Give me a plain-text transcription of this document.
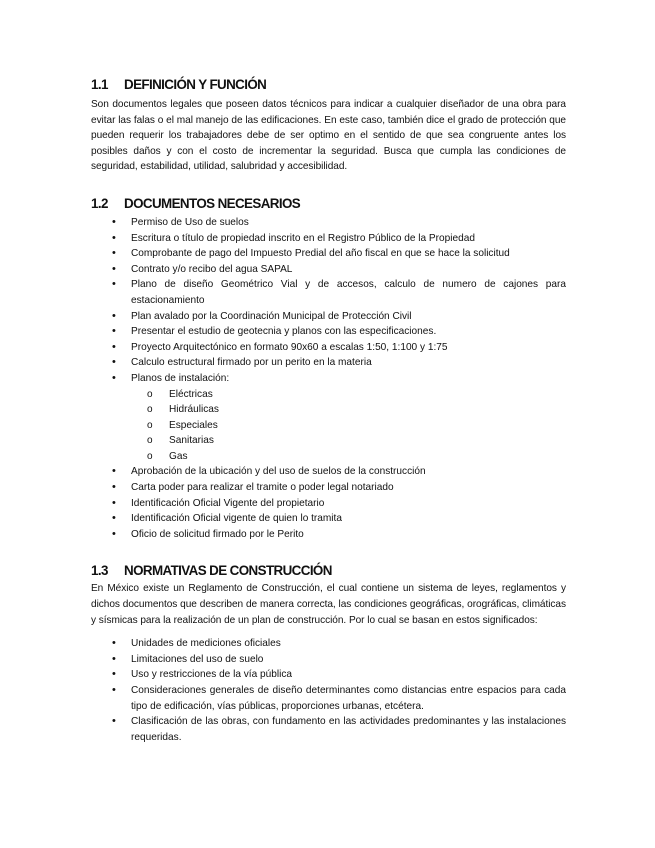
1.1 DEFINICIÓN Y FUNCIÓN

Son documentos legales que poseen datos técnicos para indicar a cualquier diseñador de una obra para evitar las falas o el mal manejo de las edificaciones. En este caso, también dice el grado de protección que pueden requerir los trabajadores debe de ser optimo en el sentido de que sea congruente antes los posibles daños y con el costo de incrementar la seguridad. Busca que cumpla las condiciones de seguridad, estabilidad, utilidad, salubridad y accesibilidad.

1.2 DOCUMENTOS NECESARIOS
• Permiso de Uso de suelos
• Escritura o título de propiedad inscrito en el Registro Público de la Propiedad
• Comprobante de pago del Impuesto Predial del año fiscal en que se hace la solicitud
• Contrato y/o recibo del agua SAPAL
• Plano de diseño Geométrico Vial y de accesos, calculo de numero de cajones para estacionamiento
• Plan avalado por la Coordinación Municipal de Protección Civil
• Presentar el estudio de geotecnia y planos con las especificaciones.
• Proyecto Arquitectónico en formato 90x60 a escalas 1:50, 1:100 y 1:75
• Calculo estructural firmado por un perito en la materia
• Planos de instalación:
o Eléctricas
o Hidráulicas
o Especiales
o Sanitarias
o Gas
• Aprobación de la ubicación y del uso de suelos de la construcción
• Carta poder para realizar el tramite o poder legal notariado
• Identificación Oficial Vigente del propietario
• Identificación Oficial vigente de quien lo tramita
• Oficio de solicitud firmado por le Perito
1.3 NORMATIVAS DE CONSTRUCCIÓN

En México existe un Reglamento de Construcción, el cual contiene un sistema de leyes, reglamentos y dichos documentos que describen de manera correcta, las condiciones geográficas, orográficas, climáticas y sísmicas para la realización de un plan de construcción. Por lo cual se basan en estos significados:

• Unidades de mediciones oficiales
• Limitaciones del uso de suelo
• Uso y restricciones de la vía pública
• Consideraciones generales de diseño determinantes como distancias entre espacios para cada tipo de edificación, vías públicas, proporciones urbanas, etcétera.
• Clasificación de las obras, con fundamento en las actividades predominantes y las instalaciones requeridas.
